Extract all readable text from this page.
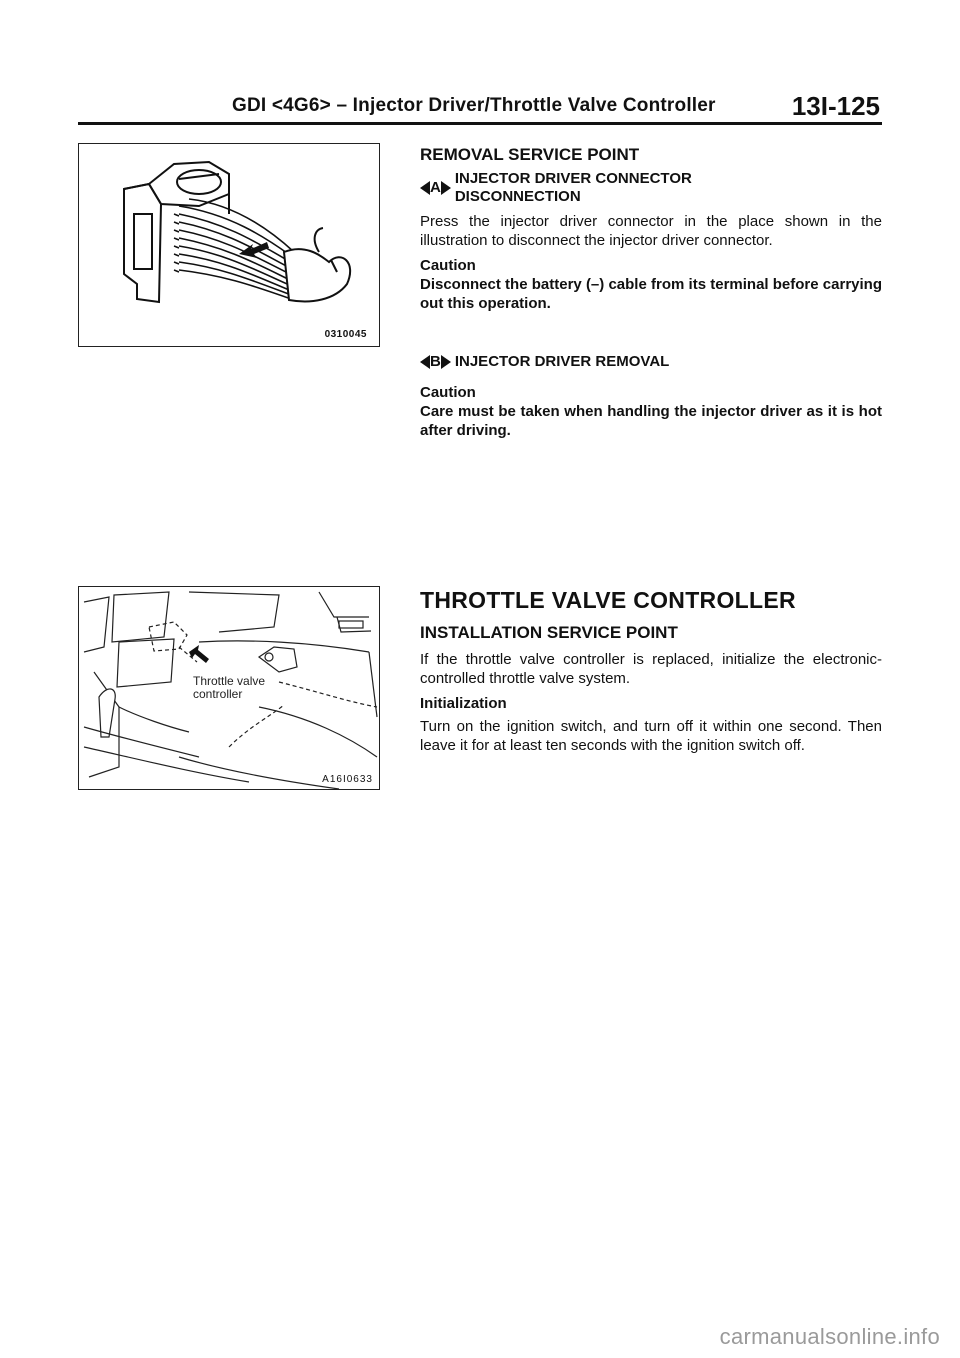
GDI <4G6> – Injector Driver/Throttle Valve Controller	13I-125
0310045
Throttle valve
controller
A16I0633
REMOVAL SERVICE POINT
A
INJECTOR DRIVER CONNECTOR
DISCONNECTION
Press the injector driver connector in the place shown in the illustration to disconnect the injector driver connector.
Caution
Disconnect the battery (–) cable from its terminal before carrying out this operation.
B INJECTOR DRIVER REMOVAL
Caution
Care must be taken when handling the injector driver as it is hot after driving.
THROTTLE VALVE CONTROLLER
INSTALLATION SERVICE POINT
If the throttle valve controller is replaced, initialize the electronic-controlled throttle valve system.
Initialization
Turn on the ignition switch, and turn off it within one second. Then leave it for at least ten seconds with the ignition switch off.
carmanualsonline.info
